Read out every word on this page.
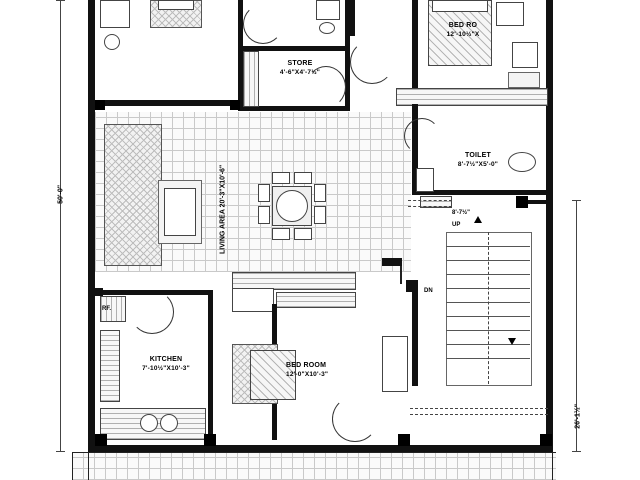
50'-0"
26'-1½"
BED RO
12'-10½"X
STORE
4'-6"X4'-7½"
LIVING AREA 20'-3"X10'-6"
TOILET
8'-7½"X5'-0"
8'-7½"
UP
DN
RF.
KITCHEN
7'-10½"X10'-3"	BED ROOM
12'-0"X10'-3"
